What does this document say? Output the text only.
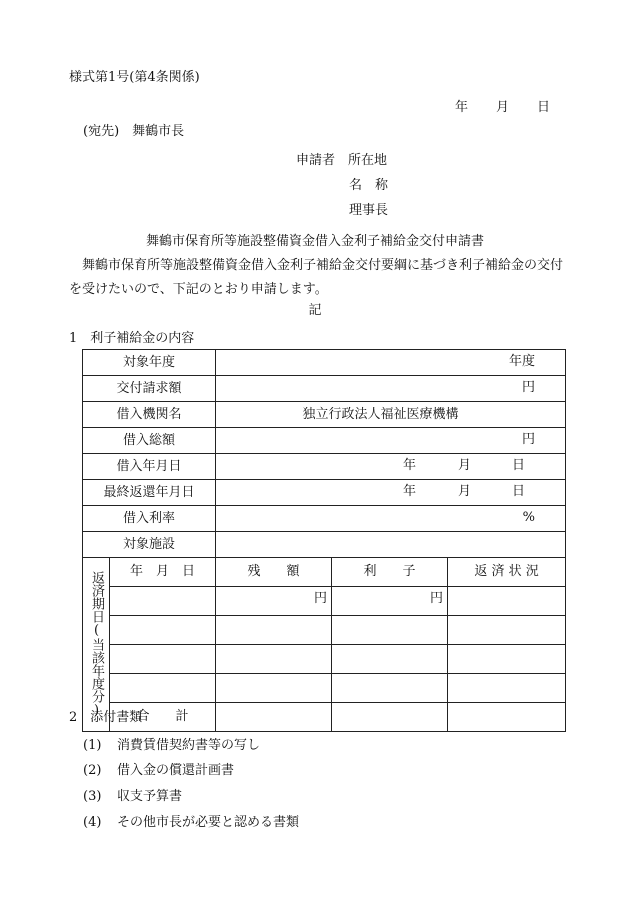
様式第1号(第4条関係)
年 月 日
(宛先)　舞鶴市長
申請者　 所在地
名　称
理事長
舞鶴市保育所等施設整備資金借入金利子補給金交付申請書
舞鶴市保育所等施設整備資金借入金利子補給金交付要綱に基づき利子補給金の交付を受けたいので、下記のとおり申請します。
記
1　利子補給金の内容
対象年度		年度		

交付請求額		円		

借入機関名		独立行政法人福祉医療機構		

借入総額		円		

借入年月日		年 月 日		

最終返還年月日		年 月 日		

借入利率		%		

対象施設				
返済期日(当該年度分)	年　月　日	残　　額	利　　子	返 済 状 況

		円	円	

	合　　計			
2　添付書類
(1) 消費賃借契約書等の写し
(2) 借入金の償還計画書
(3) 収支予算書
(4) その他市長が必要と認める書類
